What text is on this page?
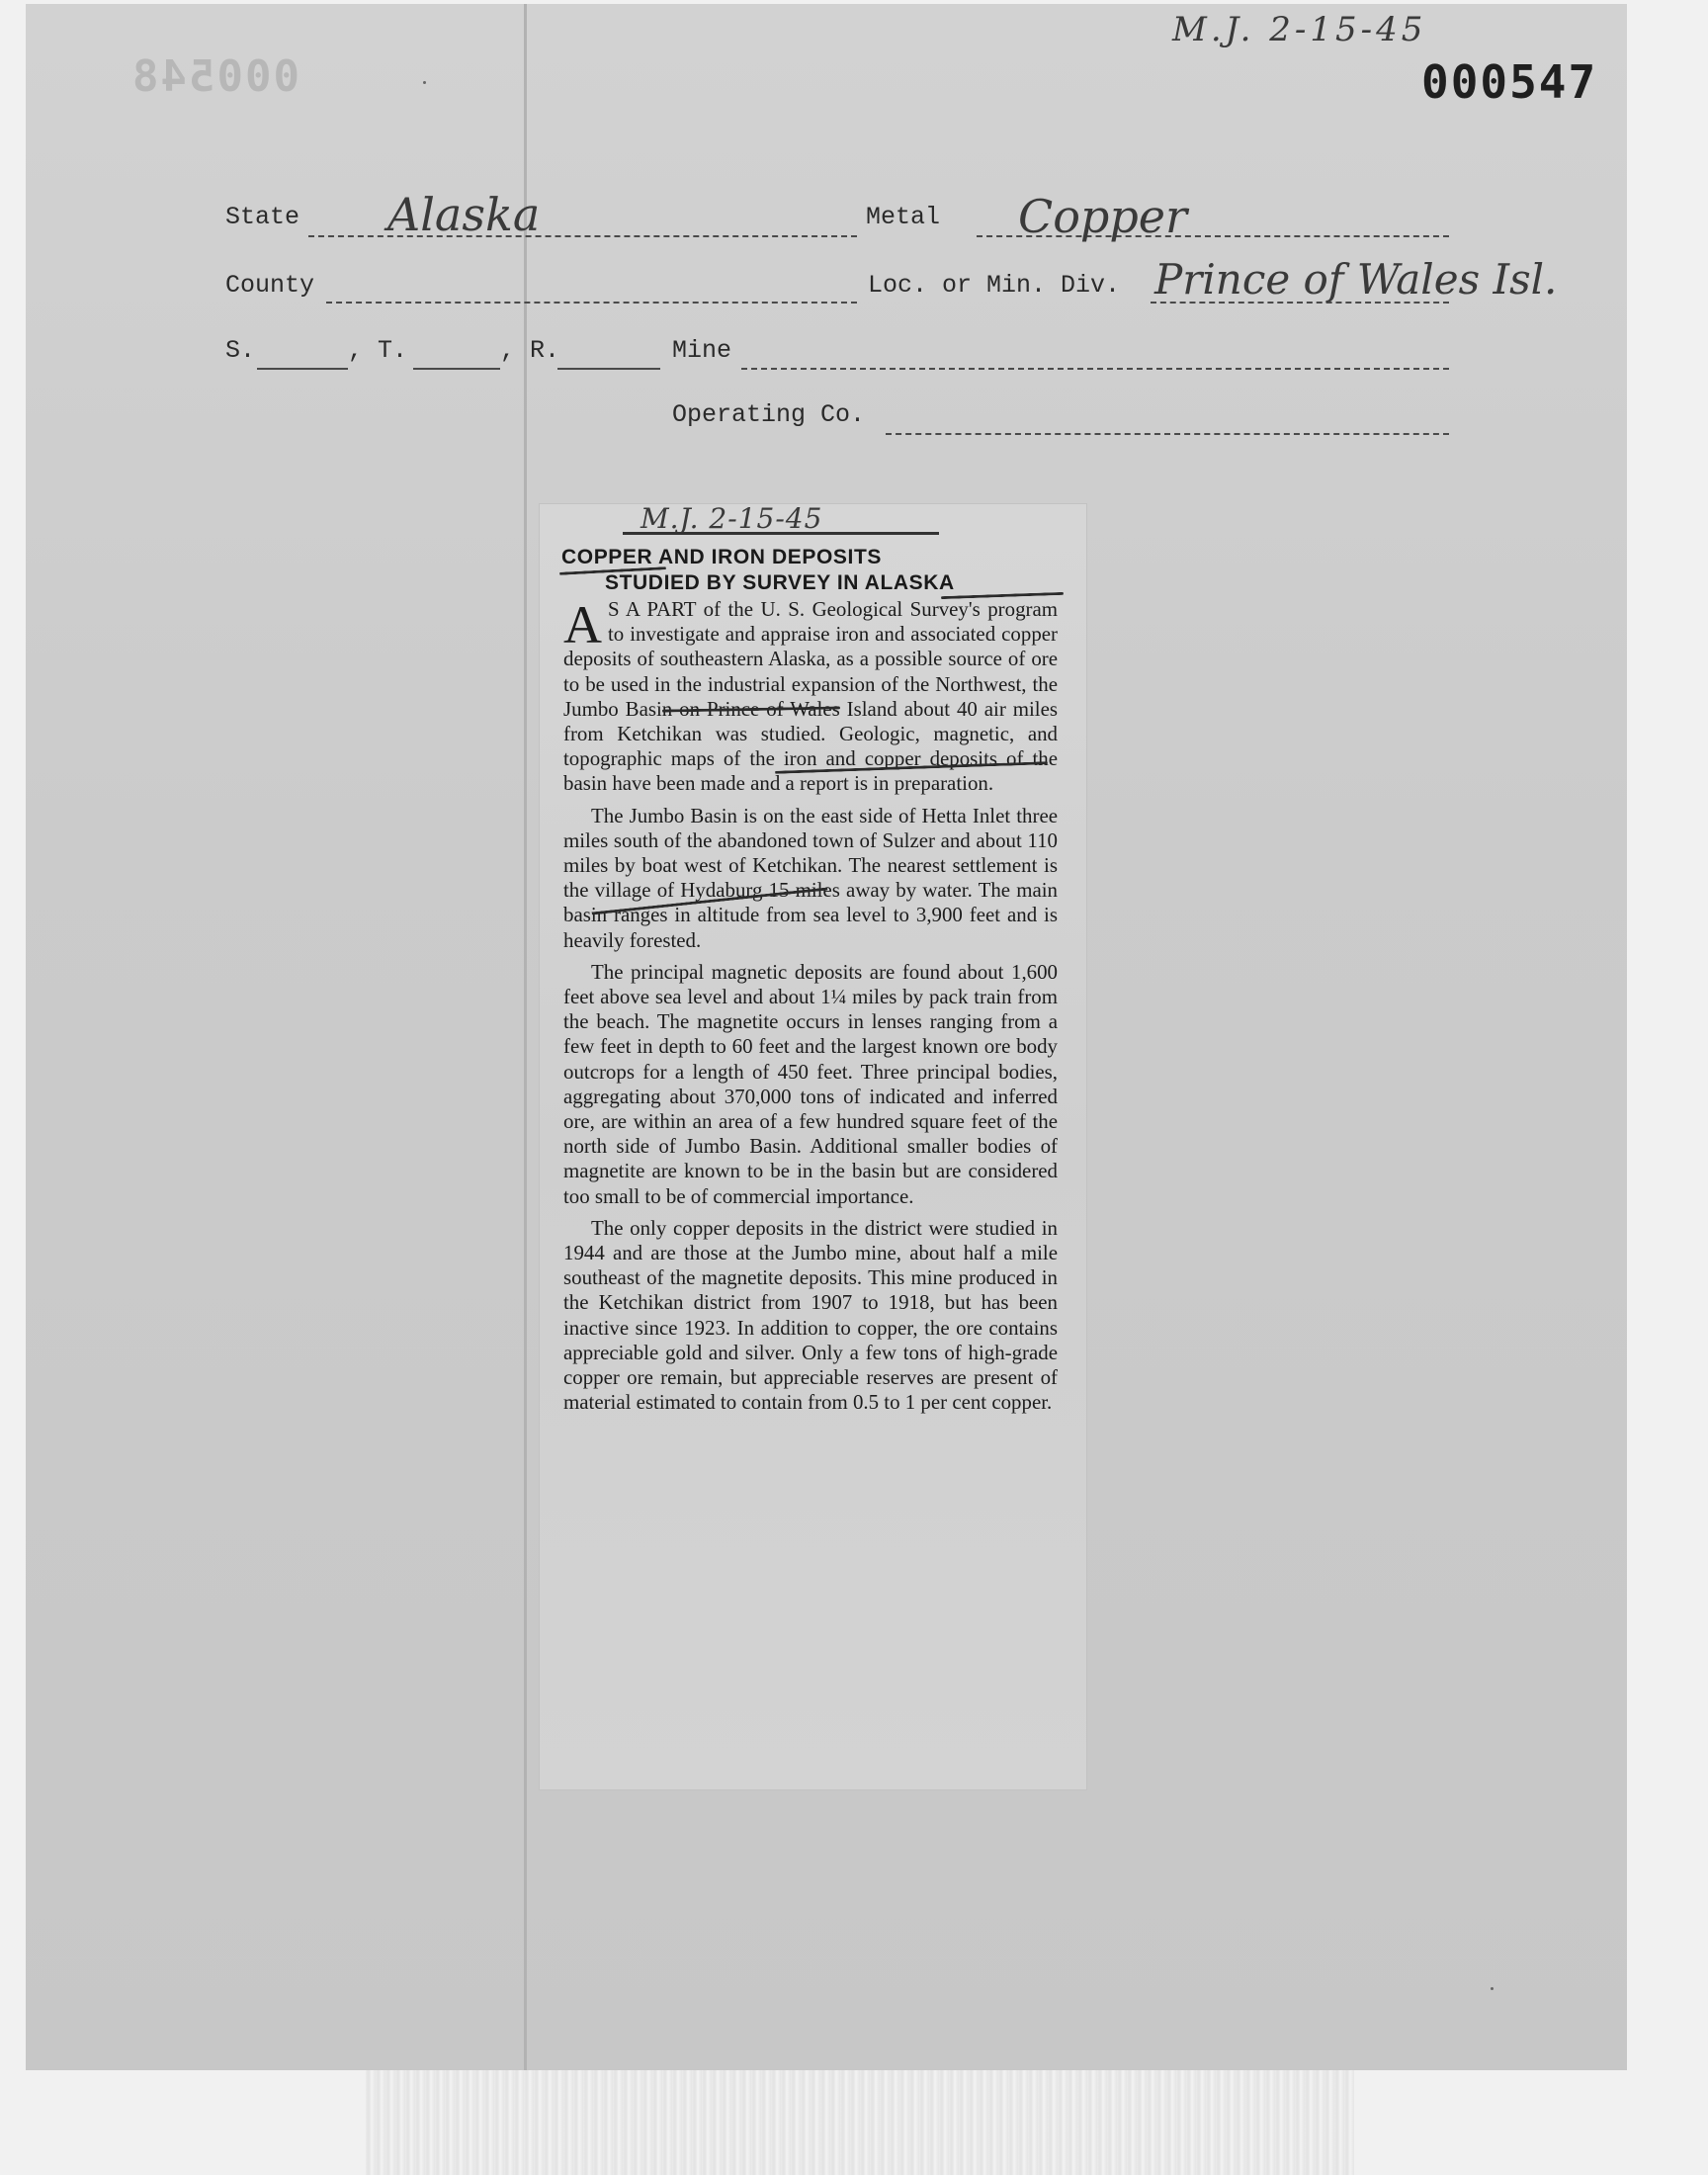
000548
M.J. 2-15-45
000547
State Alaska	Metal Copper
County	Loc. or Min. Div. Prince of Wales Isl.
S.	, T.	, R.	Mine
Operating Co.
M.J. 2-15-45
COPPER AND IRON DEPOSITS
STUDIED BY SURVEY IN ALASKA

A S A PART of the U. S. Geological Survey's program to investigate and appraise iron and associated copper deposits of southeastern Alaska, as a possible source of ore to be used in the industrial expansion of the Northwest, the Jumbo Basin on Prince of Wales Island about 40 air miles from Ketchikan was studied. Geologic, magnetic, and topographic maps of the iron and copper deposits of the basin have been made and a report is in preparation.

The Jumbo Basin is on the east side of Hetta Inlet three miles south of the abandoned town of Sulzer and about 110 miles by boat west of Ketchikan. The nearest settlement is the village of Hydaburg 15 miles away by water. The main basin ranges in altitude from sea level to 3,900 feet and is heavily forested.

The principal magnetic deposits are found about 1,600 feet above sea level and about 1¼ miles by pack train from the beach. The magnetite occurs in lenses ranging from a few feet in depth to 60 feet and the largest known ore body outcrops for a length of 450 feet. Three principal bodies, aggregating about 370,000 tons of indicated and inferred ore, are within an area of a few hundred square feet of the north side of Jumbo Basin. Additional smaller bodies of magnetite are known to be in the basin but are considered too small to be of commercial importance.

The only copper deposits in the district were studied in 1944 and are those at the Jumbo mine, about half a mile southeast of the magnetite deposits. This mine produced in the Ketchikan district from 1907 to 1918, but has been inactive since 1923. In addition to copper, the ore contains appreciable gold and silver. Only a few tons of high-grade copper ore remain, but appreciable reserves are present of material estimated to contain from 0.5 to 1 per cent copper.
